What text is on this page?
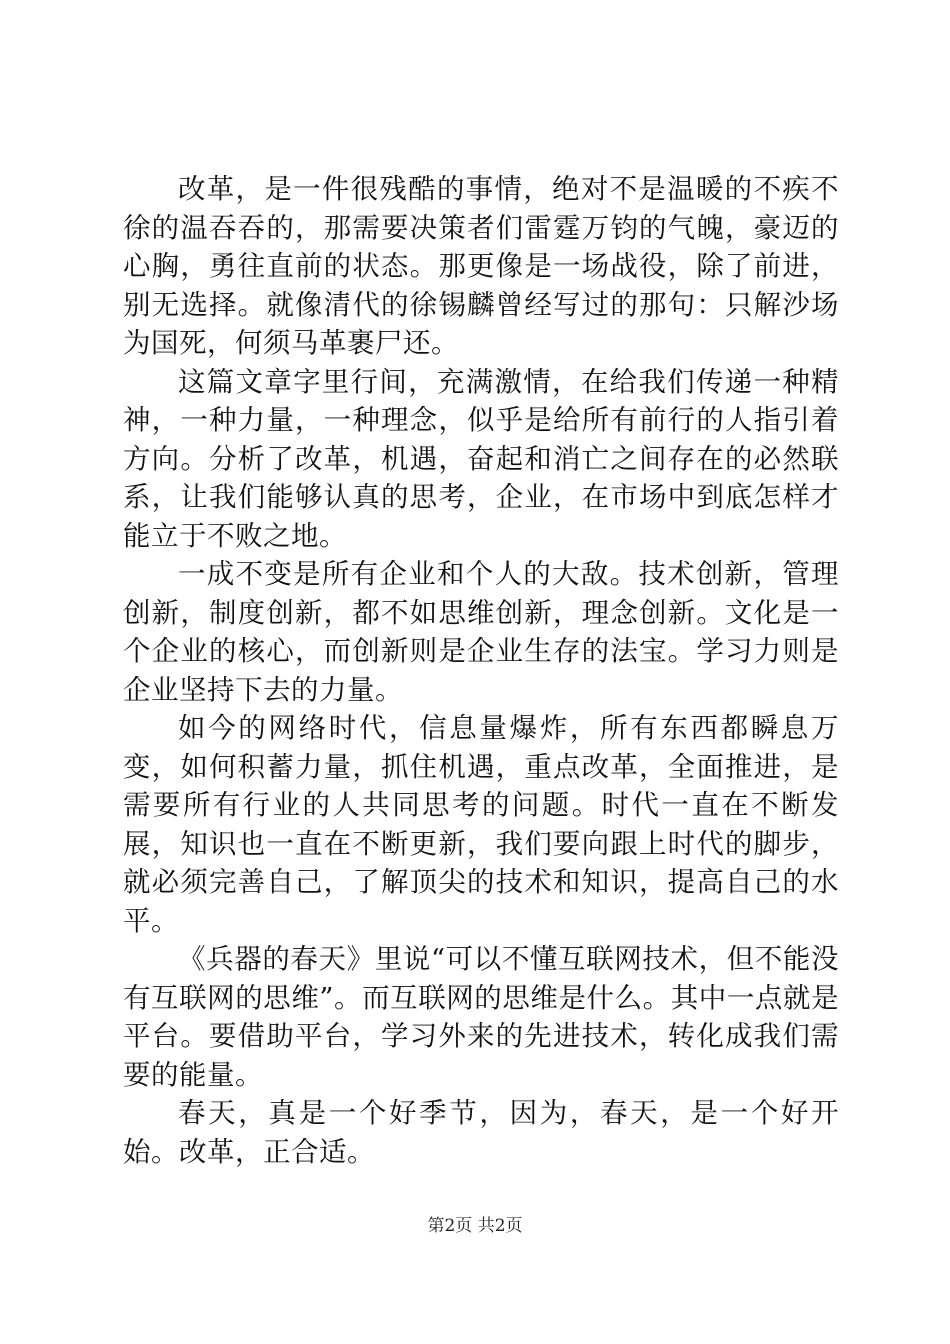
改革，是一件很残酷的事情，绝对不是温暖的不疾不徐的温吞吞的，那需要决策者们雷霆万钧的气魄，豪迈的心胸，勇往直前的状态。那更像是一场战役，除了前进，别无选择。就像清代的徐锡麟曾经写过的那句：只解沙场为国死，何须马革裹尸还。

这篇文章字里行间，充满激情，在给我们传递一种精神，一种力量，一种理念，似乎是给所有前行的人指引着方向。分析了改革，机遇，奋起和消亡之间存在的必然联系，让我们能够认真的思考，企业，在市场中到底怎样才能立于不败之地。

一成不变是所有企业和个人的大敌。技术创新，管理创新，制度创新，都不如思维创新，理念创新。文化是一个企业的核心，而创新则是企业生存的法宝。学习力则是企业坚持下去的力量。

如今的网络时代，信息量爆炸，所有东西都瞬息万变，如何积蓄力量，抓住机遇，重点改革，全面推进，是需要所有行业的人共同思考的问题。时代一直在不断发展，知识也一直在不断更新，我们要向跟上时代的脚步，就必须完善自己，了解顶尖的技术和知识，提高自己的水平。

《兵器的春天》里说“可以不懂互联网技术，但不能没有互联网的思维”。而互联网的思维是什么。其中一点就是平台。要借助平台，学习外来的先进技术，转化成我们需要的能量。

春天，真是一个好季节，因为，春天，是一个好开始。改革，正合适。

第2页 共2页
